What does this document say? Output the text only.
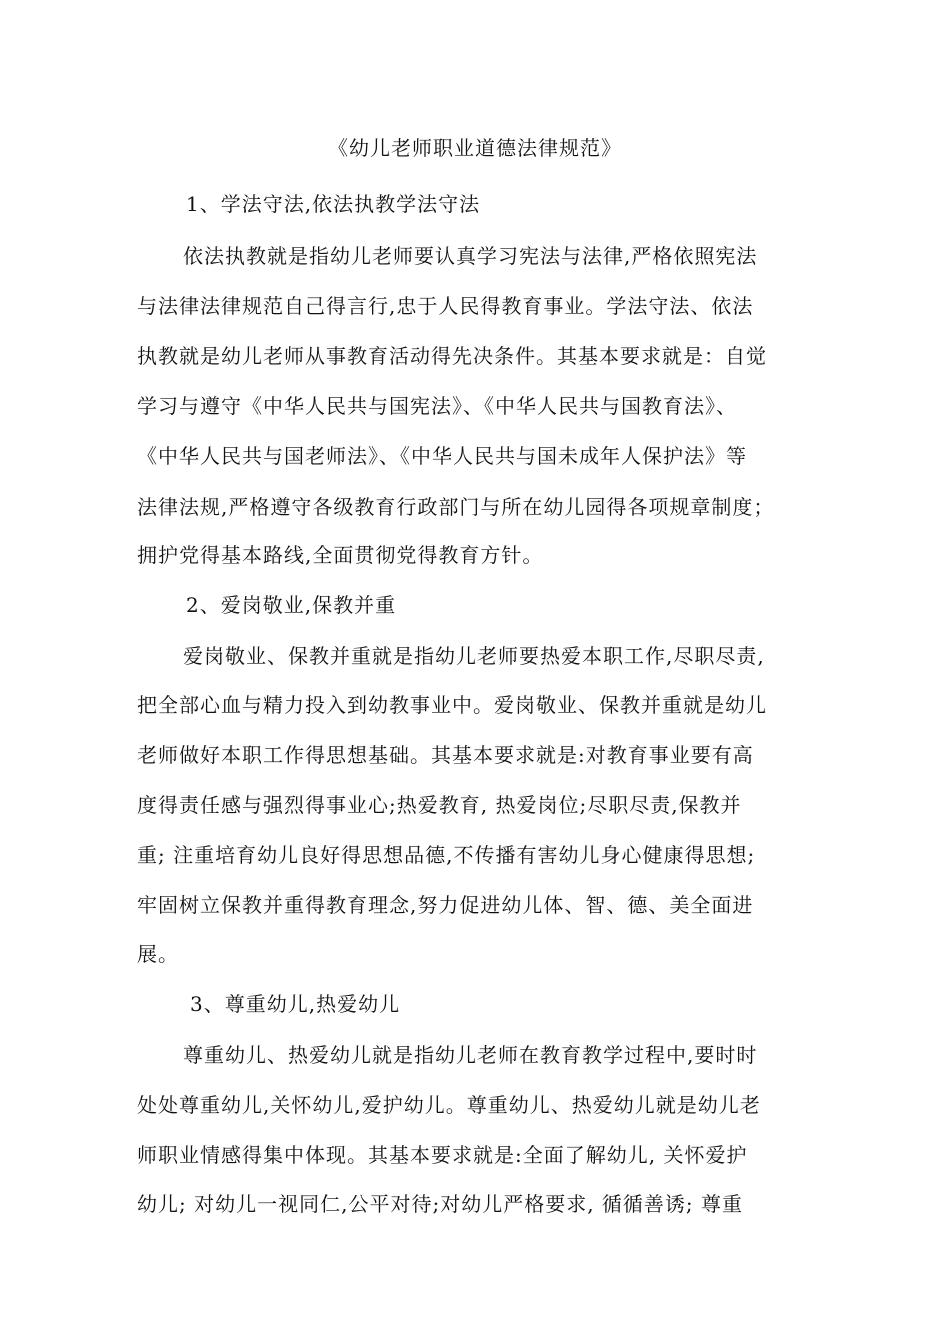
《幼儿老师职业道德法律规范》
1、学法守法,依法执教学法守法
依法执教就是指幼儿老师要认真学习宪法与法律,严格依照宪法
与法律法律规范自己得言行,忠于人民得教育事业。学法守法、依法
执教就是幼儿老师从事教育活动得先决条件。其基本要求就是：自觉
学习与遵守《中华人民共与国宪法》、《中华人民共与国教育法》、
《中华人民共与国老师法》、《中华人民共与国未成年人保护法》等
法律法规,严格遵守各级教育行政部门与所在幼儿园得各项规章制度；
拥护党得基本路线,全面贯彻党得教育方针。
2、爱岗敬业,保教并重
爱岗敬业、保教并重就是指幼儿老师要热爱本职工作,尽职尽责,
把全部心血与精力投入到幼教事业中。爱岗敬业、保教并重就是幼儿
老师做好本职工作得思想基础。其基本要求就是:对教育事业要有高
度得责任感与强烈得事业心;热爱教育, 热爱岗位;尽职尽责,保教并
重; 注重培育幼儿良好得思想品德,不传播有害幼儿身心健康得思想;
牢固树立保教并重得教育理念,努力促进幼儿体、智、德、美全面进
展。
3、尊重幼儿,热爱幼儿
尊重幼儿、热爱幼儿就是指幼儿老师在教育教学过程中,要时时
处处尊重幼儿,关怀幼儿,爱护幼儿。尊重幼儿、热爱幼儿就是幼儿老
师职业情感得集中体现。其基本要求就是:全面了解幼儿, 关怀爱护
幼儿; 对幼儿一视同仁,公平对待;对幼儿严格要求, 循循善诱; 尊重
